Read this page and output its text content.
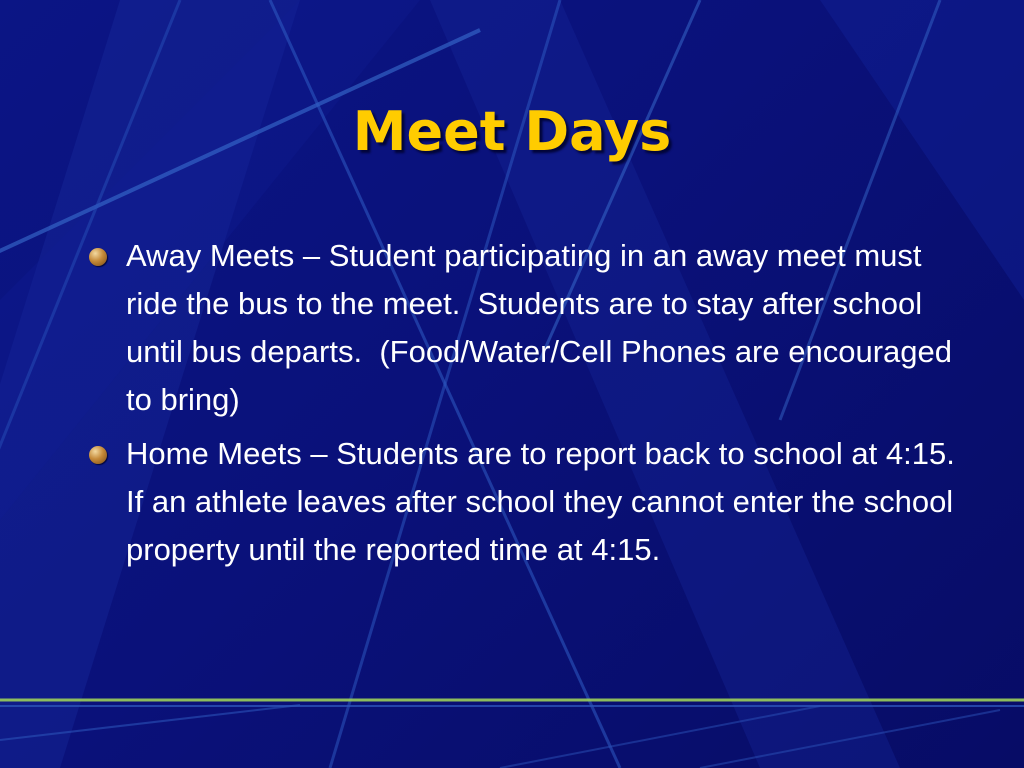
Meet Days
Away Meets – Student participating in an away meet must ride the bus to the meet.  Students are to stay after school until bus departs.  (Food/Water/Cell Phones are encouraged to bring)
Home Meets – Students are to report back to school at 4:15.  If an athlete leaves after school they cannot enter the school property until the reported time at 4:15.
